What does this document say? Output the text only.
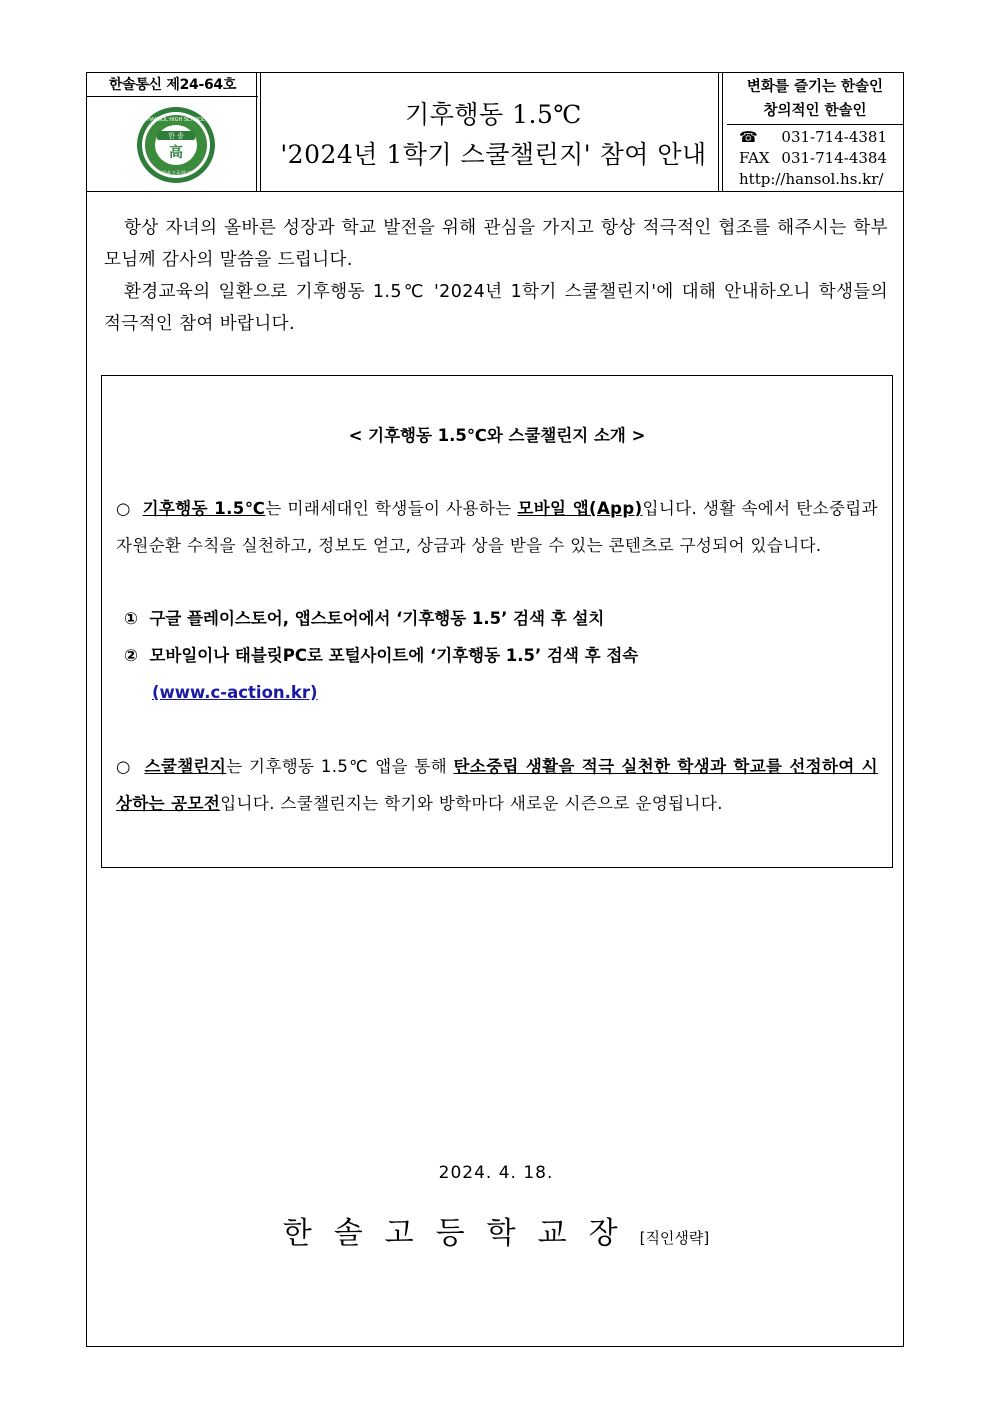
한솔통신 제24-64호
한 솔
高
HANSOL HIGH SCHOOL
한솔고등학교
기후행동 1.5℃
'2024년 1학기 스쿨챌린지' 참여 안내
변화를 즐기는 한솔인
창의적인 한솔인
☎ 031-714-4381
FAX 031-714-4384
http://hansol.hs.kr/

항상 자녀의 올바른 성장과 학교 발전을 위해 관심을 가지고 항상 적극적인 협조를 해주시는 학부모님께 감사의 말씀을 드립니다.

환경교육의 일환으로 기후행동 1.5℃ '2024년 1학기 스쿨챌린지'에 대해 안내하오니 학생들의 적극적인 참여 바랍니다.

< 기후행동 1.5℃와 스쿨챌린지 소개 >
○ 기후행동 1.5℃는 미래세대인 학생들이 사용하는 모바일 앱(App)입니다. 생활 속에서 탄소중립과 자원순환 수칙을 실천하고, 정보도 얻고, 상금과 상을 받을 수 있는 콘텐츠로 구성되어 있습니다.
① 구글 플레이스토어, 앱스토어에서 ‘기후행동 1.5’ 검색 후 설치
② 모바일이나 태블릿PC로 포털사이트에 ‘기후행동 1.5’ 검색 후 접속
(www.c-action.kr)
○ 스쿨챌린지는 기후행동 1.5℃ 앱을 통해 탄소중립 생활을 적극 실천한 학생과 학교를 선정하여 시상하는 공모전입니다. 스쿨챌린지는 학기와 방학마다 새로운 시즌으로 운영됩니다.
2024. 4. 18.
한솔고등학교장[직인생략]
